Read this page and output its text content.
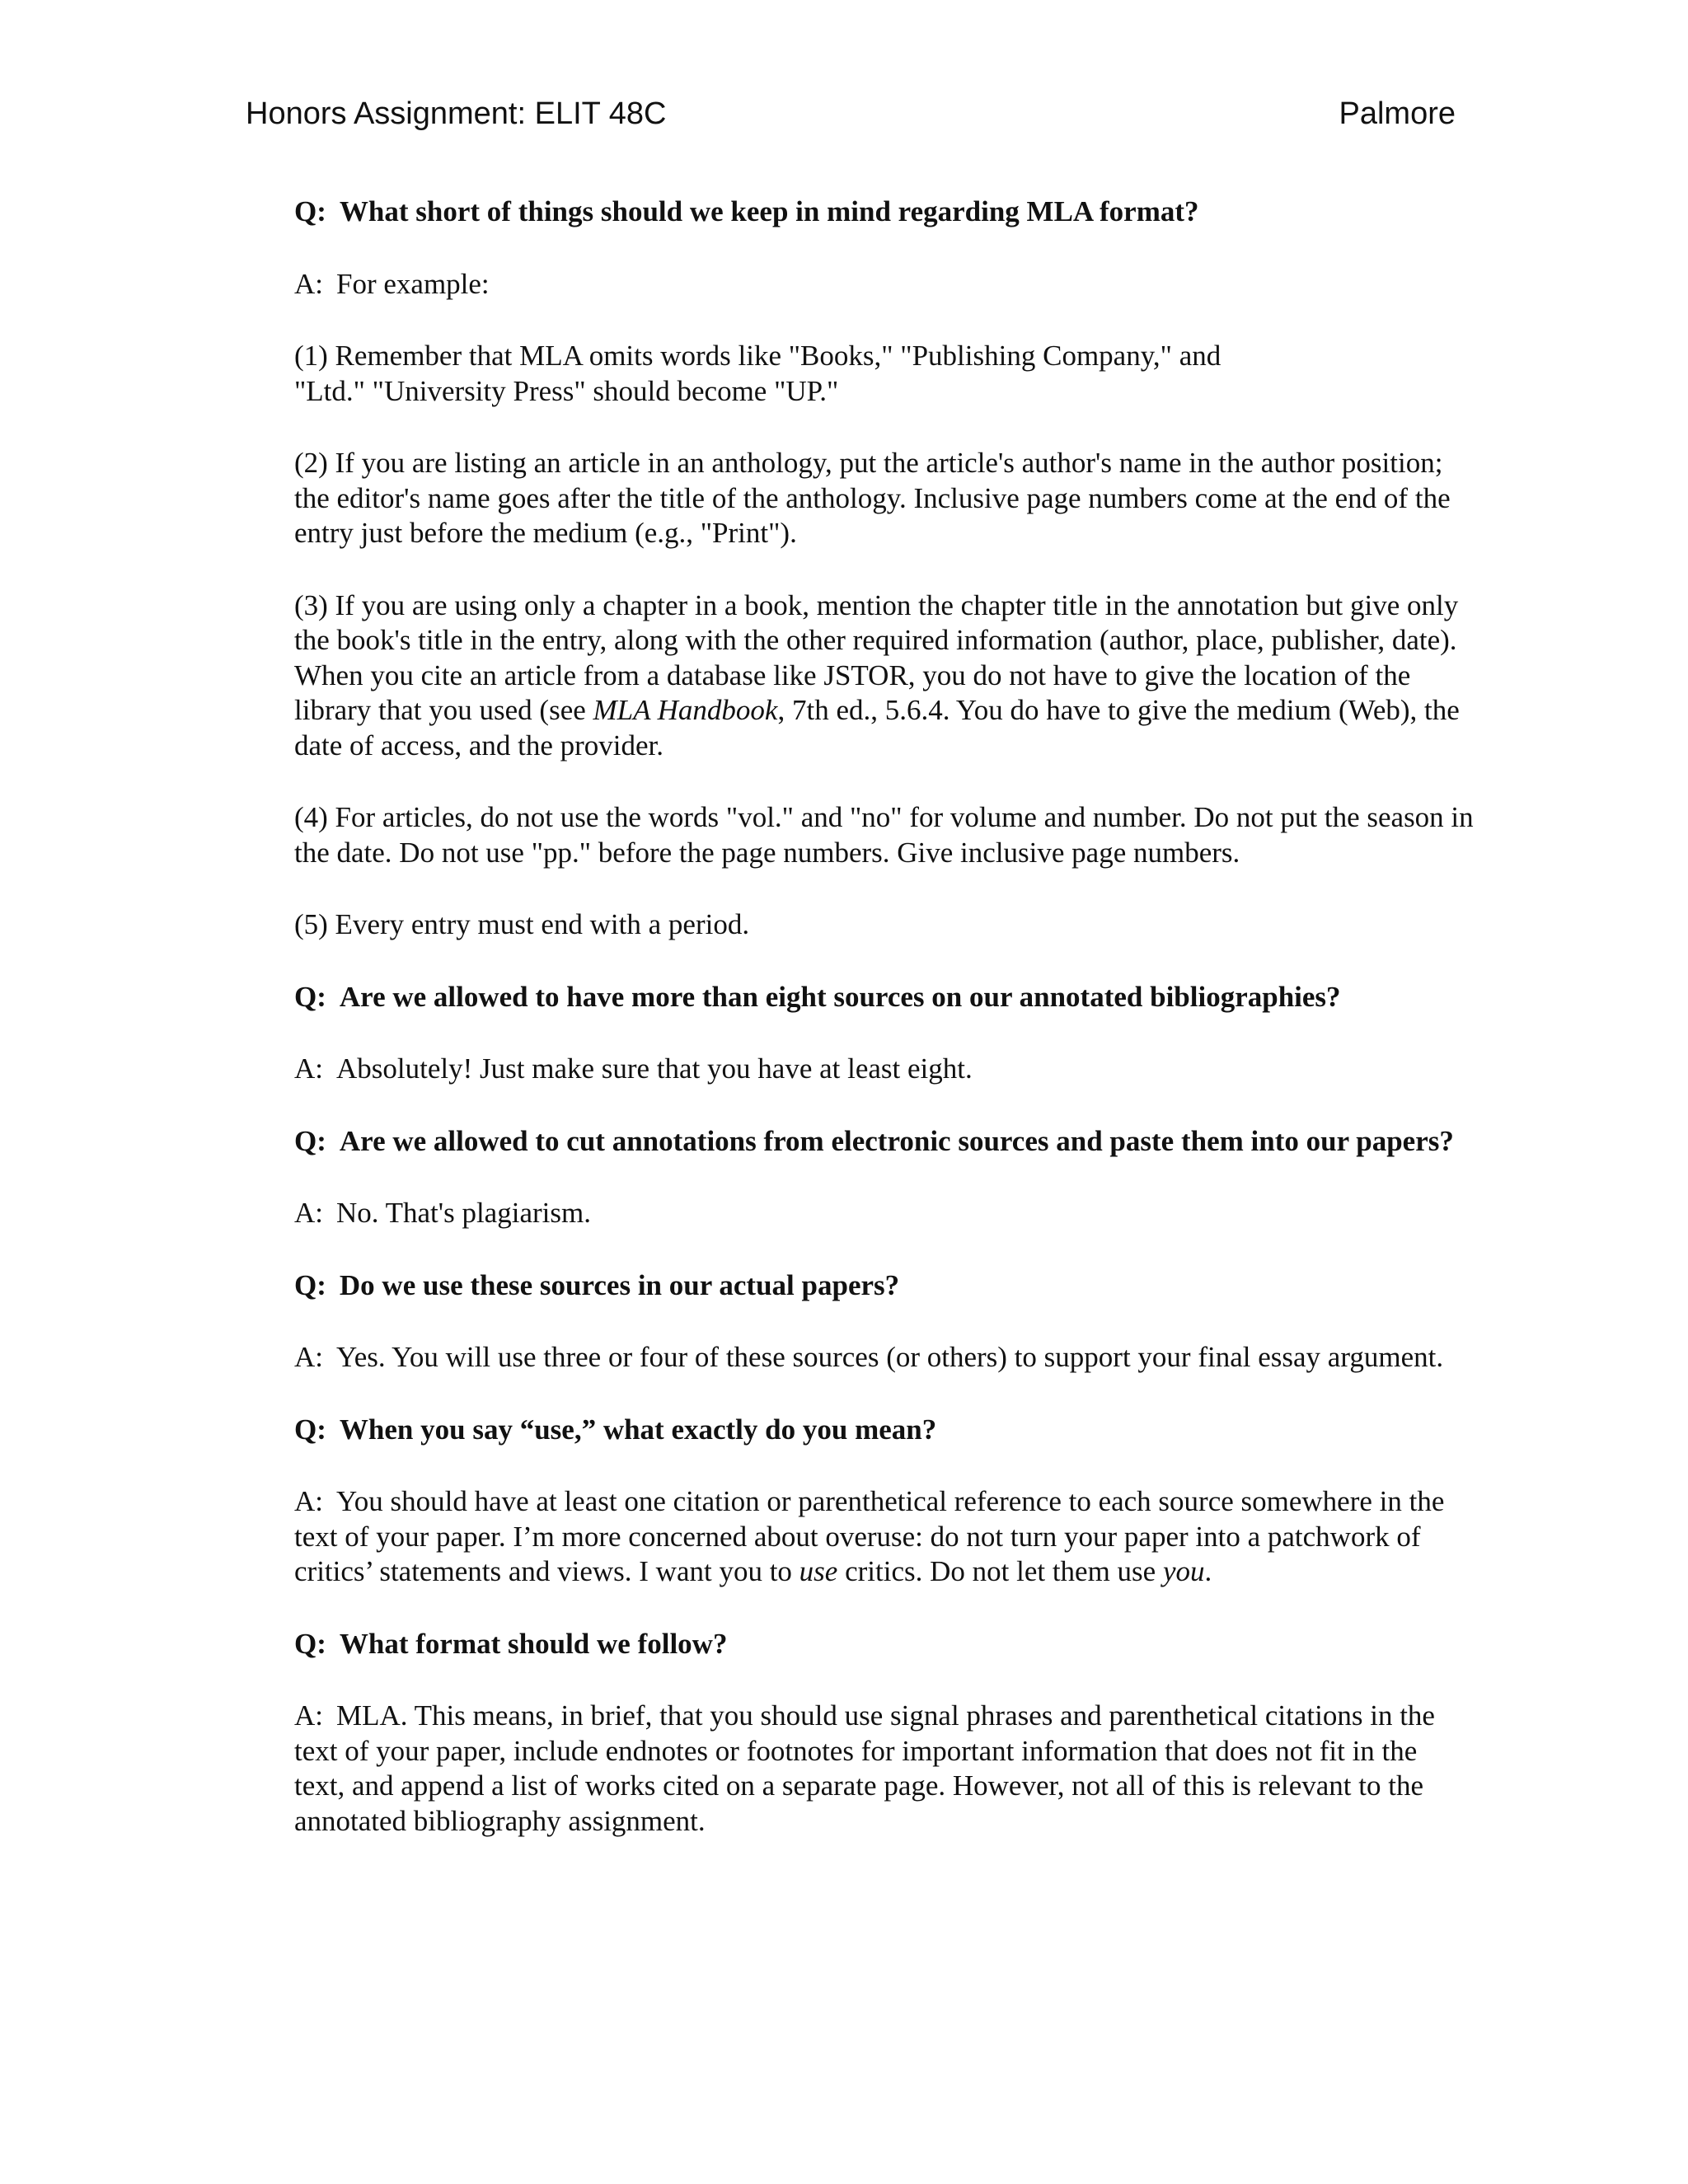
Honors Assignment: ELIT 48C	Palmore
Q: What short of things should we keep in mind regarding MLA format?
A: For example:
(1) Remember that MLA omits words like "Books," "Publishing Company," and
"Ltd." "University Press" should become "UP."
(2) If you are listing an article in an anthology, put the article's author's name in the author position; the editor's name goes after the title of the anthology. Inclusive page numbers come at the end of the entry just before the medium (e.g., "Print").
(3) If you are using only a chapter in a book, mention the chapter title in the annotation but give only the book's title in the entry, along with the other required information (author, place, publisher, date). When you cite an article from a database like JSTOR, you do not have to give the location of the library that you used (see MLA Handbook, 7th ed., 5.6.4. You do have to give the medium (Web), the date of access, and the provider.
(4) For articles, do not use the words "vol." and "no" for volume and number. Do not put the season in the date. Do not use "pp." before the page numbers. Give inclusive page numbers.
(5) Every entry must end with a period.
Q: Are we allowed to have more than eight sources on our annotated bibliographies?
A: Absolutely! Just make sure that you have at least eight.
Q: Are we allowed to cut annotations from electronic sources and paste them into our papers?
A: No. That's plagiarism.
Q: Do we use these sources in our actual papers?
A: Yes. You will use three or four of these sources (or others) to support your final essay argument.
Q: When you say “use,” what exactly do you mean?
A: You should have at least one citation or parenthetical reference to each source somewhere in the text of your paper. I’m more concerned about overuse: do not turn your paper into a patchwork of critics’ statements and views. I want you to use critics. Do not let them use you.
Q: What format should we follow?
A: MLA. This means, in brief, that you should use signal phrases and parenthetical citations in the text of your paper, include endnotes or footnotes for important information that does not fit in the text, and append a list of works cited on a separate page. However, not all of this is relevant to the annotated bibliography assignment.
